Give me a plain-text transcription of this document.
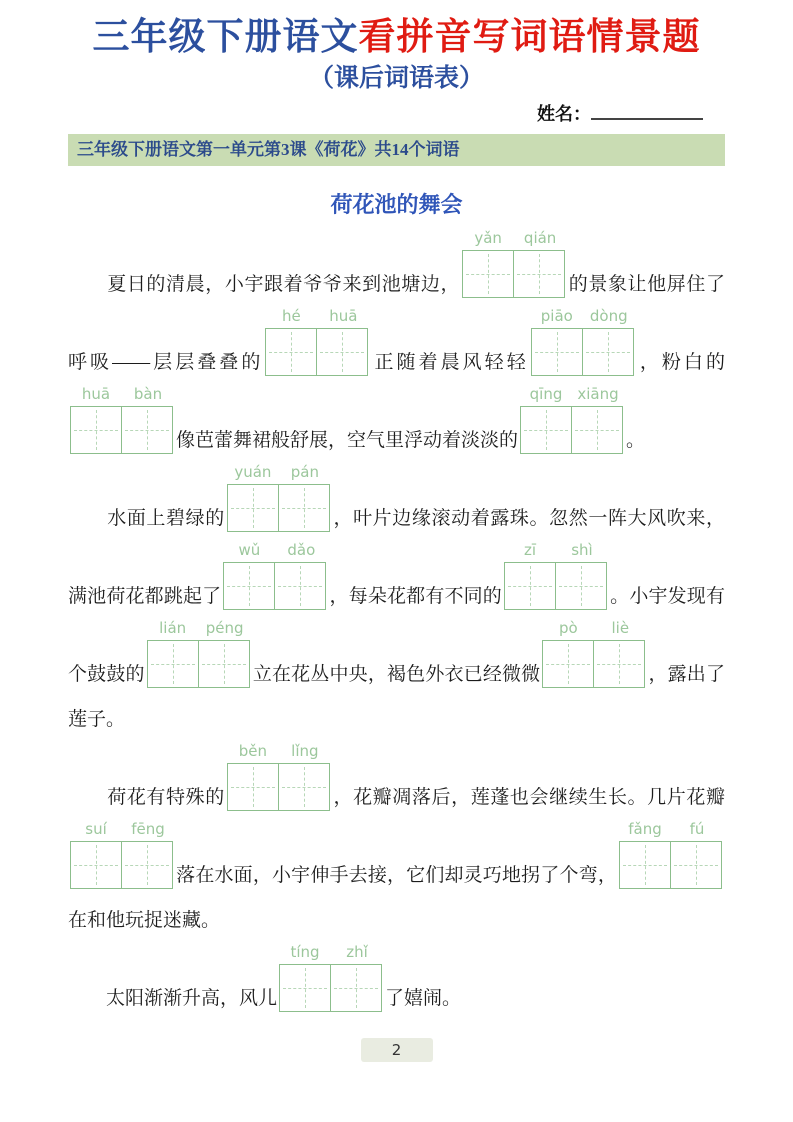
三年级下册语文看拼音写词语情景题
（课后词语表）
姓名：
三年级下册语文第一单元第3课《荷花》共14个词语
荷花池的舞会

　　夏日的清晨，小宇跟着爷爷来到池塘边，
yǎn	qián
的景象让他屏住了呼吸——层层叠叠的
hé	huā
正随着晨风轻轻
piāo	dòng
，粉白的
huā	bàn
像芭蕾舞裙般舒展，空气里浮动着淡淡的
qīng	xiāng
。

　　水面上碧绿的
yuán	pán
，叶片边缘滚动着露珠。忽然一阵大风吹来，满池荷花都跳起了
wǔ	dǎo
，每朵花都有不同的
zī	shì
。小宇发现有个鼓鼓的
lián	péng
立在花丛中央，褐色外衣已经微微
pò	liè
，露出了莲子。

　　荷花有特殊的
běn	lǐng
，花瓣凋落后，莲蓬也会继续生长。几片花瓣
suí	fēng
落在水面，小宇伸手去接，它们却灵巧地拐了个弯，
fǎng	fú
在和他玩捉迷藏。

　　太阳渐渐升高，风儿
tíng	zhǐ
了嬉闹。

2
